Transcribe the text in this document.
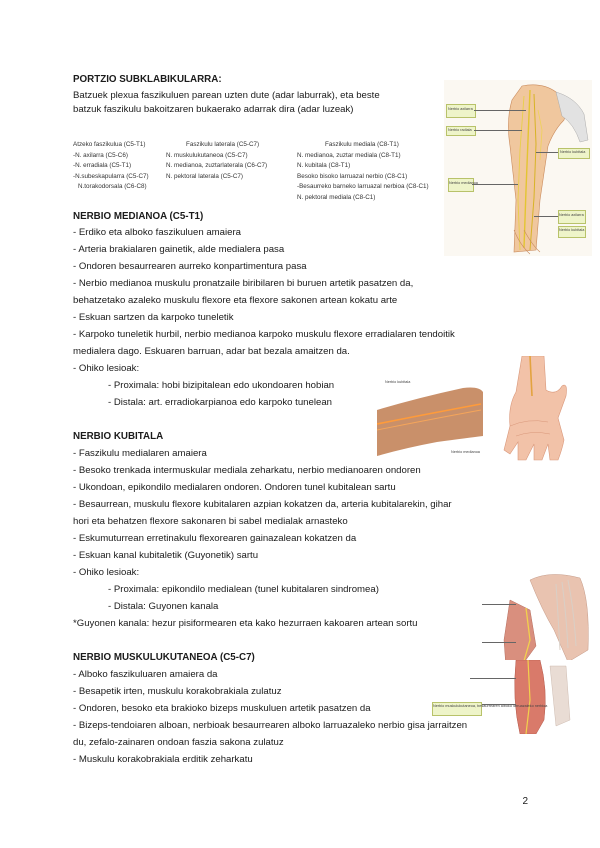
PORTZIO SUBKLABIKULARRA:
Batzuek plexua faszikuluen parean uzten dute (adar laburrak), eta beste
batzuk faszikulu bakoitzaren bukaerako adarrak dira (adar luzeak)
Atzeko faszikulua (C5-T1)
-N. axilarra (C5-C6)
-N. erradiala (C5-T1)
-N.subeskapularra (C5-C7)
N.torakodorsala (C6-C8)
Faszikulu laterala (C5-C7)
N. muskulukutaneoa (C5-C7)
N. medianoa, zuztarlaterala (C6-C7)
N. pektoral laterala (C5-C7)
Faszikulu mediala (C8-T1)
N. medianoa, zuztar mediala (C8-T1)
N. kubitala (C8-T1)
Besoko bisoko larruazal nerbio (C8-C1)
-Besaurreko barneko larruazal nerbioa (C8-C1)
N. pektoral mediala (C8-C1)
NERBIO MEDIANOA (C5-T1)
- Erdiko eta alboko faszikuluen amaiera
- Arteria brakialaren gainetik, alde medialera pasa
- Ondoren besaurrearen aurreko konpartimentura pasa
- Nerbio medianoa muskulu pronatzaile biribilaren bi buruen artetik pasatzen da,
behatzetako azaleko muskulu flexore eta flexore sakonen artean kokatu arte
- Eskuan sartzen da karpoko tuneletik
- Karpoko tuneletik hurbil, nerbio medianoa karpoko muskulu flexore erradialaren tendoitik
medialera dago. Eskuaren barruan, adar bat bezala amaitzen da.
- Ohiko lesioak:
- Proximala: hobi bizipitalean edo ukondoaren hobian
- Distala: art. erradiokarpianoa edo karpoko tunelean
NERBIO KUBITALA
- Faszikulu medialaren amaiera
- Besoko trenkada intermuskular mediala zeharkatu, nerbio medianoaren ondoren
- Ukondoan, epikondilo medialaren ondoren. Ondoren tunel kubitalean sartu
- Besaurrean, muskulu flexore kubitalaren azpian kokatzen da, arteria kubitalarekin, gihar
hori eta behatzen flexore sakonaren bi sabel medialak arnasteko
- Eskumuturrean erretinakulu flexorearen gainazalean kokatzen da
- Eskuan kanal kubitaletik (Guyonetik) sartu
- Ohiko lesioak:
- Proximala: epikondilo medialean (tunel kubitalaren sindromea)
- Distala: Guyonen kanala
*Guyonen kanala: hezur pisiformearen eta kako hezurraen kakoaren artean sortu
NERBIO MUSKULUKUTANEOA (C5-C7)
- Alboko faszikuluaren amaiera da
- Besapetik irten, muskulu korakobrakiala zulatuz
- Ondoren, besoko eta brakioko bizeps muskuluen artetik pasatzen da
- Bizeps-tendoiaren alboan, nerbioak besaurrearen alboko larruazaleko nerbio gisa jarraitzen
du, zefalo-zainaren ondoan faszia sakona zulatuz
- Muskulu korakobrakiala erditik zeharkatu
2
Nerbio axilarra
Nerbio radiala
Nerbio medianoa
Nerbio kubitala
Nerbio axilarra
Nerbio kubitala
Nerbio kubitala
Nerbio medianoa
Nerbio muskulukutaneoa, besaurrearen alboko larruazaleko nerbioa
